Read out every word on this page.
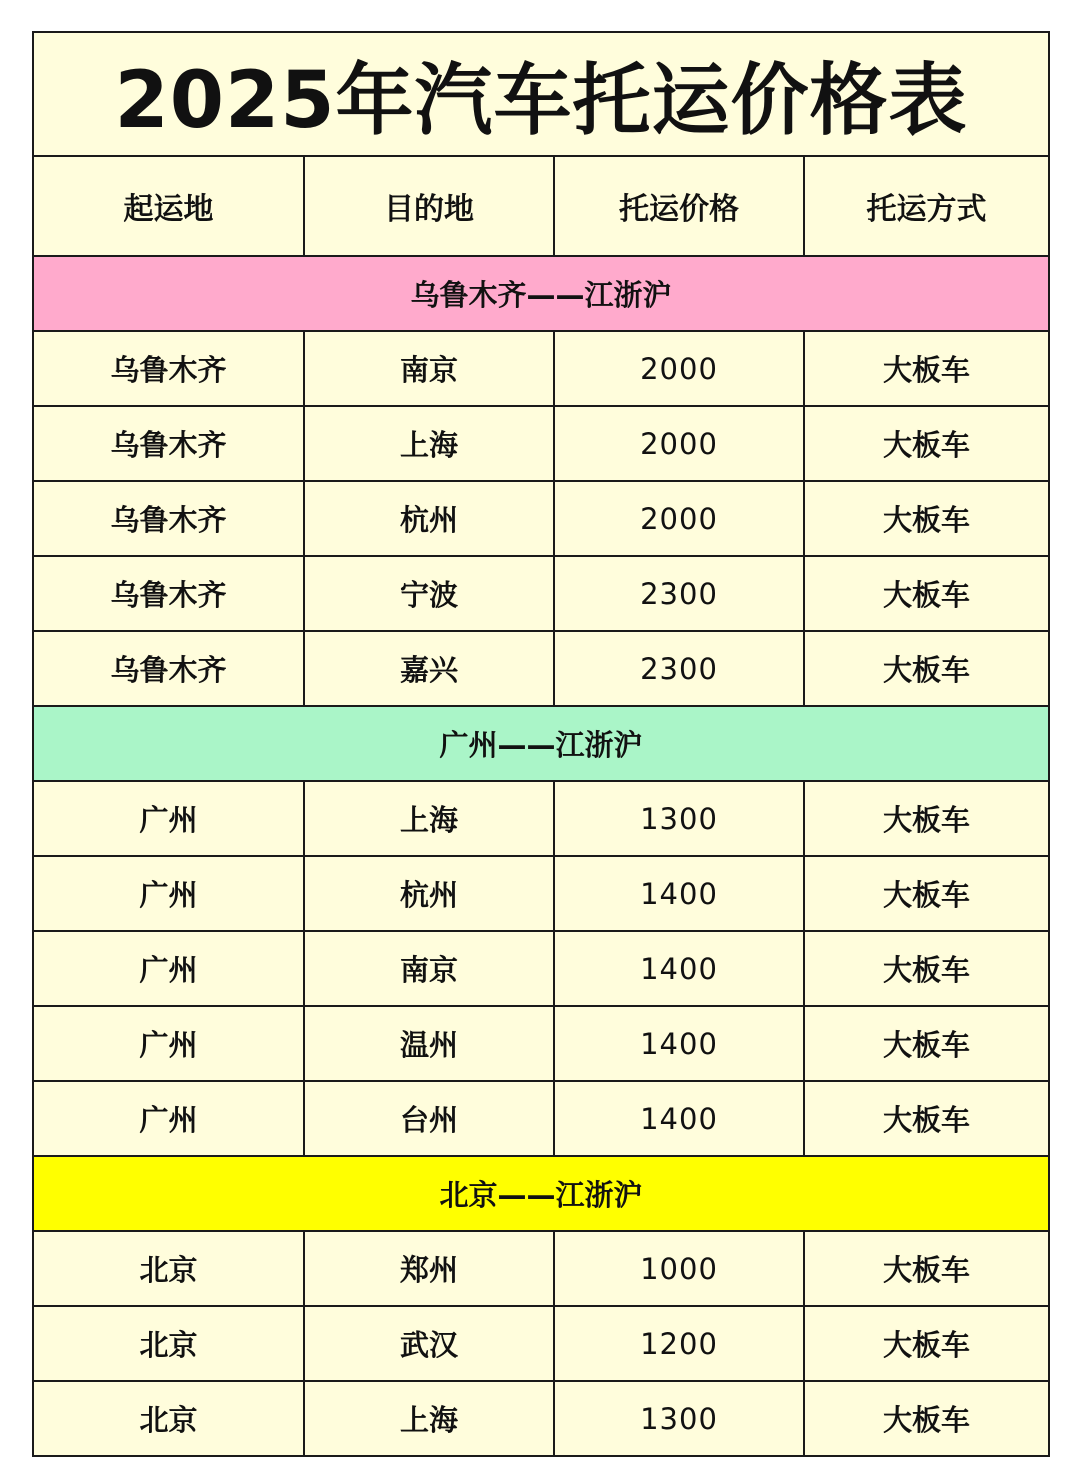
2025年汽车托运价格表			
起运地	目的地	托运价格	托运方式
乌鲁木齐——江浙沪			
乌鲁木齐	南京	2000	大板车
乌鲁木齐	上海	2000	大板车
乌鲁木齐	杭州	2000	大板车
乌鲁木齐	宁波	2300	大板车
乌鲁木齐	嘉兴	2300	大板车
广州——江浙沪			
广州	上海	1300	大板车
广州	杭州	1400	大板车
广州	南京	1400	大板车
广州	温州	1400	大板车
广州	台州	1400	大板车
北京——江浙沪			
北京	郑州	1000	大板车
北京	武汉	1200	大板车
北京	上海	1300	大板车
